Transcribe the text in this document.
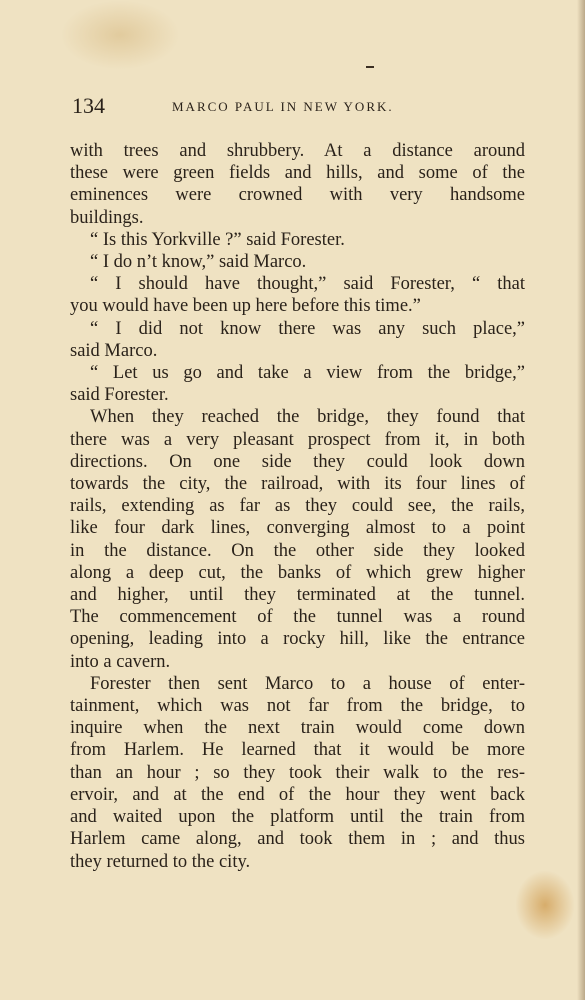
134	MARCO PAUL IN NEW YORK.

with trees and shrubbery. At a distance around

these were green fields and hills, and some of the

eminences were crowned with very handsome

buildings.

“ Is this Yorkville ?” said Forester.

“ I do n’t know,” said Marco.

“ I should have thought,” said Forester, “ that

you would have been up here before this time.”

“ I did not know there was any such place,”

said Marco.

“ Let us go and take a view from the bridge,”

said Forester.

When they reached the bridge, they found that

there was a very pleasant prospect from it, in both

directions. On one side they could look down

towards the city, the railroad, with its four lines of

rails, extending as far as they could see, the rails,

like four dark lines, converging almost to a point

in the distance. On the other side they looked

along a deep cut, the banks of which grew higher

and higher, until they terminated at the tunnel.

The commencement of the tunnel was a round

opening, leading into a rocky hill, like the entrance

into a cavern.

Forester then sent Marco to a house of enter-

tainment, which was not far from the bridge, to

inquire when the next train would come down

from Harlem. He learned that it would be more

than an hour ; so they took their walk to the res-

ervoir, and at the end of the hour they went back

and waited upon the platform until the train from

Harlem came along, and took them in ; and thus

they returned to the city.
